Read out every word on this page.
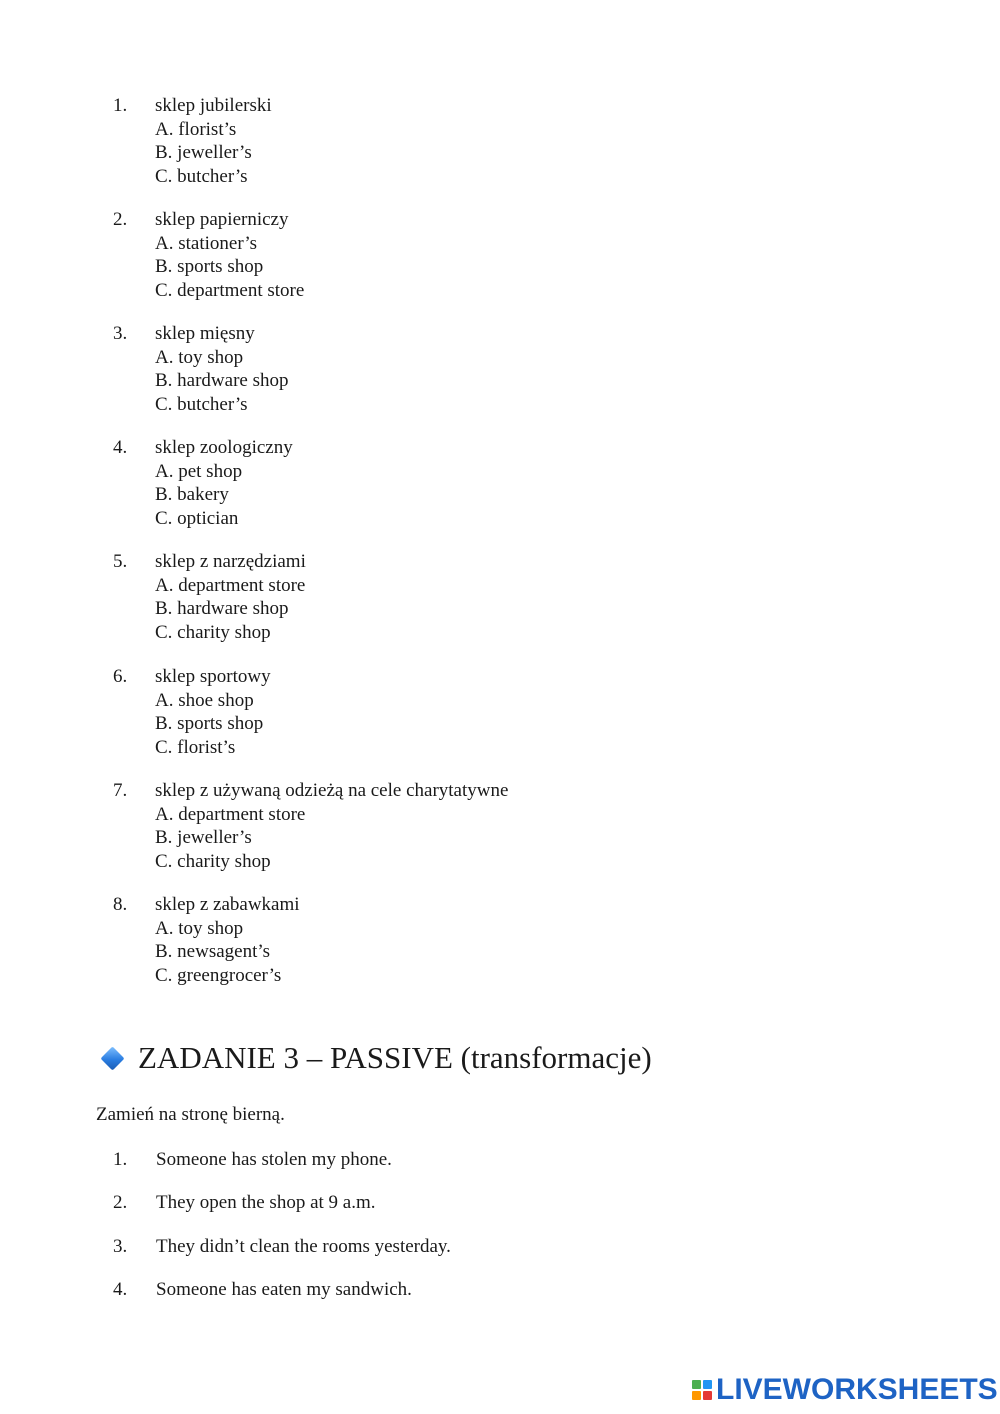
1.	sklep jubilerski
A. florist’s
B. jeweller’s
C. butcher’s
2.	sklep papierniczy
A. stationer’s
B. sports shop
C. department store
3.	sklep mięsny
A. toy shop
B. hardware shop
C. butcher’s
4.	sklep zoologiczny
A. pet shop
B. bakery
C. optician
5.	sklep z narzędziami
A. department store
B. hardware shop
C. charity shop
6.	sklep sportowy
A. shoe shop
B. sports shop
C. florist’s
7.	sklep z używaną odzieżą na cele charytatywne
A. department store
B. jeweller’s
C. charity shop
8.	sklep z zabawkami
A. toy shop
B. newsagent’s
C. greengrocer’s
ZADANIE 3 – PASSIVE (transformacje)
Zamień na stronę bierną.
1. Someone has stolen my phone.
2. They open the shop at 9 a.m.
3. They didn’t clean the rooms yesterday.
4. Someone has eaten my sandwich.
LIVEWORKSHEETS
